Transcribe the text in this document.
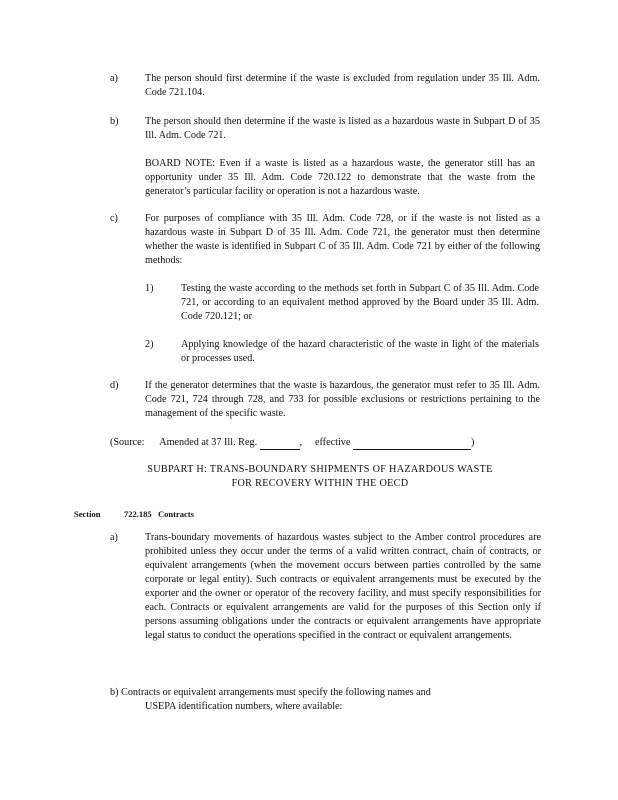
a)	The person should first determine if the waste is excluded from regulation under 35 Ill. Adm. Code 721.104.
b)	The person should then determine if the waste is listed as a hazardous waste in Subpart D of 35 Ill. Adm. Code 721.
BOARD NOTE: Even if a waste is listed as a hazardous waste, the generator still has an opportunity under 35 Ill. Adm. Code 720.122 to demonstrate that the waste from the generator’s particular facility or operation is not a hazardous waste.
c)	For purposes of compliance with 35 Ill. Adm. Code 728, or if the waste is not listed as a hazardous waste in Subpart D of 35 Ill. Adm. Code 721, the generator must then determine whether the waste is identified in Subpart C of 35 Ill. Adm. Code 721 by either of the following methods:
1)	Testing the waste according to the methods set forth in Subpart C of 35 Ill. Adm. Code 721, or according to an equivalent method approved by the Board under 35 Ill. Adm. Code 720.121; or
2)	Applying knowledge of the hazard characteristic of the waste in light of the materials or processes used.
d)	If the generator determines that the waste is hazardous, the generator must refer to 35 Ill. Adm. Code 721, 724 through 728, and 733 for possible exclusions or restrictions pertaining to the management of the specific waste.
(Source: Amended at 37 Ill. Reg.	,     effective	)
SUBPART H: TRANS-BOUNDARY SHIPMENTS OF HAZARDOUS WASTE
FOR RECOVERY WITHIN THE OECD
Section	722.185 Contracts
a)	Trans-boundary movements of hazardous wastes subject to the Amber control procedures are prohibited unless they occur under the terms of a valid written contract, chain of contracts, or equivalent arrangements (when the movement occurs between parties controlled by the same corporate or legal entity). Such contracts or equivalent arrangements must be executed by the exporter and the owner or operator of the recovery facility, and must specify responsibilities for each. Contracts or equivalent arrangements are valid for the purposes of this Section only if persons assuming obligations under the contracts or equivalent arrangements have appropriate legal status to conduct the operations specified in the contract or equivalent arrangements.
b) Contracts or equivalent arrangements must specify the following names and
USEPA identification numbers, where available:
